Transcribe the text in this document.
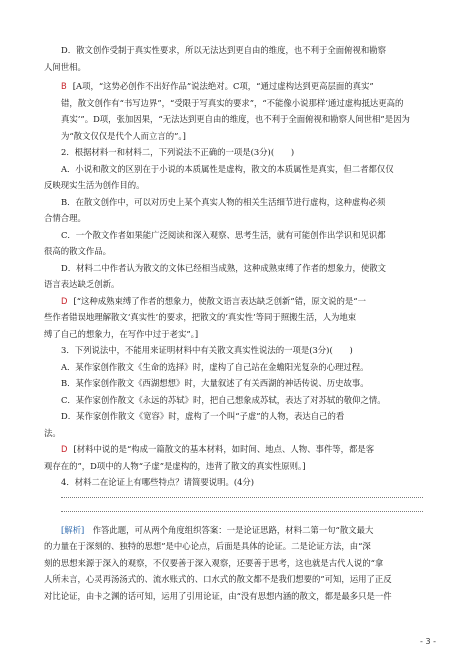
D．散文创作受制于真实性要求，所以无法达到更自由的维度，也不利于全面俯视和勘察

人间世相。

B [A项，“这势必创作不出好作品”说法绝对。C项，“通过虚构达到更高层面的真实”
错，散文创作有“书写边界”，“受限于写真实的要求”，“不能像小说那样‘通过虚构抵达更高的
真实’”。D项，张加因果，“无法达到更自由的维度，也不利于全面俯视和勘察人间世相”是因为
为“散文仅仅是代个人而立言的”。]

2．根据材料一和材料二，下列说法不正确的一项是(3分)(　　)

A．小说和散文的区别在于小说的本质属性是虚构，散文的本质属性是真实，但二者都仅仅

反映现实生活为创作目的。

B．在散文创作中，可以对历史上某个真实人物的相关生活细节进行虚构，这种虚构必须

合情合理。

C．一个散文作者如果能广泛阅读和深入观察、思考生活，就有可能创作出学识和见识都

很高的散文作品。

D．材料二中作者认为散文的文体已经相当成熟，这种成熟束缚了作者的想象力，使散文

语言表达缺乏创新。

D [“这种成熟束缚了作者的想象力，使散文语言表达缺乏创新”错，原文说的是“一

些作者错误地理解散文‘真实性’的要求，把散文的‘真实性’等同于照搬生活，人为地束
缚了自己的想象力，在写作中过于老实”。]

3．下列说法中，不能用来证明材料中有关散文真实性说法的一项是(3分)(　　)

A．某作家创作散文《生命的选择》时，虚构了自己站在金蟾阳光复杂的心理过程。

B．某作家创作散文《西湖想想》时，大量叙述了有关西湖的神话传说、历史故事。

C．某作家创作散文《永远的苏轼》时，把自己想象成苏轼，表达了对苏轼的敬仰之情。

D．某作家创作散文《宽容》时，虚构了一个叫“子虚”的人物，表达自己的看

法。

D [材料中说的是“构成一篇散文的基本材料，如时间、地点、人物、事件等，都是客

观存在的”，D项中的人物“子虚”是虚构的，违背了散文的真实性原则。]

4．材料二在论证上有哪些特点？请简要说明。(4分)

[解析]　 作答此题，可从两个角度组织答案：一是论证思路，材料二第一句“散文最大
的力量在于深刻的、独特的思想”是中心论点，后面是具体的论证。二是论证方法，由“深
刻的思想来源于深入的观察，不仅要善于深入观察，还要善于思考，这也就是古代人说的“拿
人所未言，心灵再汤汤式的、流水账式的、口水式的散文都不是我们想要的”可知，运用了正反
对比论证，由卡之渊的话可知，运用了引用论证，由“没有思想内涵的散文，都是最多只是一件
- 3 -
